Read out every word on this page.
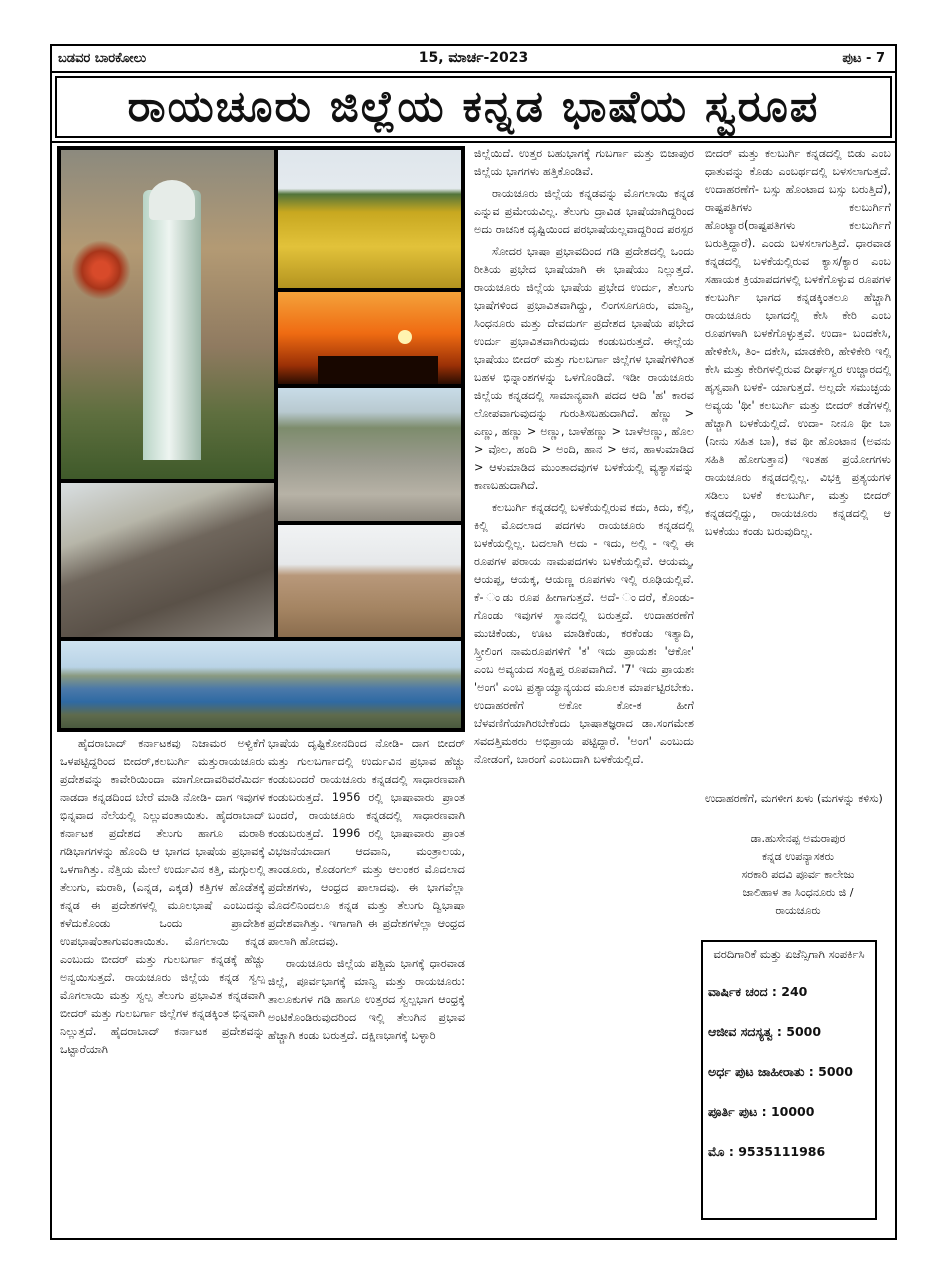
ಬಡವರ ಬಾರಕೋಲು	15, ಮಾರ್ಚ-2023	ಪುಟ - 7
ರಾಯಚೂರು ಜಿಲ್ಲೆಯ ಕನ್ನಡ ಭಾಷೆಯ ಸ್ವರೂಪ

ಹೈದರಾಬಾದ್ ಕರ್ನಾಟಕವು ನಿಜಾಮರ ಅಳ್ವಿಕೆಗೆ ಒಳಪಟ್ಟಿದ್ದರಿಂದ ಬೀದರ್,ಕಲಬುರ್ಗಿ ಮತ್ತುರಾಯಚೂರು ಪ್ರದೇಶವನ್ನು ಕಾವೇರಿಯಿಂದಾ ಮಾಗೋದಾವರಿವರೆಮಿರ್ದ ನಾಡದಾ ಕನ್ನಡದಿಂದ ಬೇರೆ ಮಾಡಿ ನೋಡಿ- ದಾಗ ಇವುಗಳ ಭಿನ್ನವಾದ ನೆಲೆಯಲ್ಲಿ ನಿಲ್ಲುವಂತಾಯಿತು. ಹೈದರಾಬಾದ್ ಕರ್ನಾಟಕ ಪ್ರದೇಶದ ತೆಲುಗು ಹಾಗೂ ಮರಾಠಿ ಗಡಿಭಾಗಗಳನ್ನು ಹೊಂದಿ ಆ ಭಾಗದ ಭಾಷೆಯ ಪ್ರಭಾವಕ್ಕೆ ಒಳಗಾಗಿತ್ತು. ನೆತ್ತಿಯ ಮೇಲೆ ಉರ್ದುವಿನ ಕತ್ತಿ, ಮಗ್ಗುಲಲ್ಲಿ ತೆಲುಗು, ಮರಾಠಿ, (ಎನ್ನಡ, ಎಕ್ಕಡ) ಕತ್ತಿಗಳ ಹೊಡೆತಕ್ಕೆ ಕನ್ನಡ ಈ ಪ್ರದೇಶಗಳಲ್ಲಿ ಮೂಲಭಾಷೆ ಎಂಬುದನ್ನು ಕಳೆದುಕೊಂಡು ಒಂದು ಪ್ರಾದೇಶಿಕ ಉಪಭಾಷೆಂತಾಗುವಂತಾಯಿತು. ಮೊಗಲಾಯಿ ಕನ್ನಡ ಎಂಬುದು ಬೀದರ್ ಮತ್ತು ಗುಲಬರ್ಗಾ ಕನ್ನಡಕ್ಕೆ ಹೆಚ್ಚು ಅನ್ವಯಿಸುತ್ತದೆ. ರಾಯಚೂರು ಜಿಲ್ಲೆಯ ಕನ್ನಡ ಸ್ವಲ್ಪ ಮೊಗಲಾಯಿ ಮತ್ತು ಸ್ವಲ್ಪ ತೆಲುಗು ಪ್ರಭಾವಿತ ಕನ್ನಡವಾಗಿ ಬೀದರ್ ಮತ್ತು ಗುಲಬರ್ಗಾ ಜಿಲ್ಲೆಗಳ ಕನ್ನಡಕ್ಕಿಂತ ಭಿನ್ನವಾಗಿ ನಿಲ್ಲುತ್ತದೆ. ಹೈದರಾಬಾದ್ ಕರ್ನಾಟಕ ಪ್ರದೇಶವನ್ನು ಒಟ್ಟಾರೆಯಾಗಿ

ಭಾಷೆಯ ದೃಷ್ಟಿಕೋನದಿಂದ ನೋಡಿ- ದಾಗ ಬೀದರ್ ಮತ್ತು ಗುಲಬರ್ಗಾದಲ್ಲಿ ಉರ್ದುವಿನ ಪ್ರಭಾವ ಹೆಚ್ಚು ಕಂಡುಬಂದರೆ ರಾಯಚೂರು ಕನ್ನಡದಲ್ಲಿ ಸಾಧಾರಣವಾಗಿ ಕಂಡುಬರುತ್ತದೆ. 1956 ರಲ್ಲಿ ಭಾಷಾವಾರು ಪ್ರಾಂತ ಬಂದರೆ, ರಾಯಚೂರು ಕನ್ನಡದಲ್ಲಿ ಸಾಧಾರಣವಾಗಿ ಕಂಡುಬರುತ್ತದೆ. 1996 ರಲ್ಲಿ ಭಾಷಾವಾರು ಪ್ರಾಂತ ವಿಭಜನೆಯಾದಾಗ ಆದವಾನಿ, ಮಂತ್ರಾಲಯ, ತಾಂಡೂರು, ಕೊಡಂಗಲ್ ಮತ್ತು ಆಲಂಕರ ಮೊದಲಾದ ಪ್ರದೇಶಗಳು, ಆಂಧ್ರದ ಪಾಲಾದವು. ಈ ಭಾಗವೆಲ್ಲಾ ಮೊದಲಿನಿಂದಲೂ ಕನ್ನಡ ಮತ್ತು ತೆಲುಗು ದ್ವಿಭಾಷಾ ಪ್ರದೇಶವಾಗಿತ್ತು. ಇಗಾಗಾಗಿ ಈ ಪ್ರದೇಶಗಳೆಲ್ಲಾ ಆಂಧ್ರದ ಪಾಲಾಗಿ ಹೋದವು.

ರಾಯಚೂರು ಜಿಲ್ಲೆಯ ಪಶ್ಚಿಮ ಭಾಗಕ್ಕೆ ಧಾರವಾಡ ಜಿಲ್ಲೆ, ಪೂರ್ವಭಾಗಕ್ಕೆ ಮಾನ್ವಿ ಮತ್ತು ರಾಯಚೂರು: ತಾಲೂಕುಗಳ ಗಡಿ ಹಾಗೂ ಉತ್ತರದ ಸ್ವಲ್ಪಭಾಗ ಆಂಧ್ರಕ್ಕೆ ಅಂಟಿಕೊಂಡಿರುವುದರಿಂದ ಇಲ್ಲಿ ತೆಲುಗಿನ ಪ್ರಭಾವ ಹೆಚ್ಚಾಗಿ ಕಂಡು ಬರುತ್ತದೆ. ದಕ್ಷಿಣಭಾಗಕ್ಕೆ ಬಳ್ಳಾರಿ

ಜಿಲ್ಲೆಯಿದೆ. ಉತ್ತರ ಬಹುಭಾಗಕ್ಕೆ ಗುಬರ್ಗಾ ಮತ್ತು ಬಿಜಾಪುರ ಜಿಲ್ಲೆಯ ಭಾಗಗಳು ಹತ್ತಿಕೊಂಡಿವೆ.

ರಾಯಚೂರು ಜಿಲ್ಲೆಯ ಕನ್ನಡವನ್ನು ಮೊಗಲಾಯಿ ಕನ್ನಡ ಎನ್ನುವ ಪ್ರಮೇಯವಿಲ್ಲ. ತೆಲುಗು ದ್ರಾವಿಡ ಭಾಷೆಯಾಗಿದ್ದರಿಂದ ಅದು ರಾಚನಿಕ ದೃಷ್ಟಿಯಿಂದ ಪರಭಾಷೆಯಲ್ಲವಾದ್ದರಿಂದ ಪರಸ್ಪರ

ಸೋದರ ಭಾಷಾ ಪ್ರಭಾವದಿಂದ ಗಡಿ ಪ್ರದೇಶದಲ್ಲಿ ಒಂದು ರೀತಿಯ ಪ್ರಭೇದ ಭಾಷೆಯಾಗಿ ಈ ಭಾಷೆಯು ನಿಲ್ಲುತ್ತದೆ. ರಾಯಚೂರು ಜಿಲ್ಲೆಯ ಭಾಷೆಯ ಪ್ರಭೇದ ಉರ್ದು, ತೆಲುಗು ಭಾಷೆಗಳಿಂದ ಪ್ರಭಾವಿತವಾಗಿದ್ದು, ಲಿಂಗಸೂಗೂರು, ಮಾನ್ವಿ, ಸಿಂಧನೂರು ಮತ್ತು ದೇವದುರ್ಗ ಪ್ರದೇಶದ ಭಾಷೆಯ ಪಭೇದ ಉರ್ದು ಪ್ರಭಾವಿತವಾಗಿರುವುದು ಕಂಡುಬರುತ್ತದೆ. ಈಲ್ಲೆಯ ಭಾಷೆಯು ಬೀದರ್ ಮತ್ತು ಗುಲಬರ್ಗಾ ಜಿಲ್ಲೆಗಳ ಭಾಷೆಗಳಿಗಿಂತ ಬಹಳ ಭಿನ್ನಾಂಶಗಳನ್ನು ಒಳಗೊಂಡಿದೆ. ಇಡೀ ರಾಯಚೂರು ಜಿಲ್ಲೆಯ ಕನ್ನಡದಲ್ಲಿ ಸಾಮಾನ್ಯವಾಗಿ ಪದದ ಆದಿ 'ಹ' ಕಾರವ ಲೋಪವಾಗುವುದನ್ನು ಗುರುತಿಸಬಹುದಾಗಿದೆ. ಹೆಣ್ಣು > ಎಣ್ಣು, ಹಣ್ಣು > ಅಣ್ಣು, ಬಾಳೆಹಣ್ಣು > ಬಾಳೆಅಣ್ಣು, ಹೊಲ > ವೊಲ, ಹಂದಿ > ಅಂದಿ, ಹಾನ > ಆನ, ಹಾಳುಮಾಡಿದ > ಆಳುಮಾಡಿದ ಮುಂತಾದವುಗಳ ಬಳಕೆಯಲ್ಲಿ ವ್ಯತ್ಯಾಸವನ್ನು ಕಾಣಬಹುದಾಗಿದೆ.

ಕಲಬುರ್ಗಿ ಕನ್ನಡದಲ್ಲಿ ಬಳಕೆಯಲ್ಲಿರುವ ಕದು, ಕಿದು, ಕಲ್ಲಿ, ಕಿಲ್ಲಿ ಮೊದಲಾದ ಪದಗಳು ರಾಯಚೂರು ಕನ್ನಡದಲ್ಲಿ ಬಳಕೆಯಲ್ಲಿಲ್ಲ. ಬದಲಾಗಿ ಅದು - ಇದು, ಅಲ್ಲಿ - ಇಲ್ಲಿ ಈ ರೂಪಗಳ ಪರಾಯ ನಾಮಪದಗಳು ಬಳಕೆಯಲ್ಲಿವೆ. ಆಯಮ್ಮ, ಆಯಪ್ಪ, ಆಯಕ್ಕ, ಆಯಣ್ಣ ರೂಪಗಳು ಇಲ್ಲಿ ರೂಢಿಯಲ್ಲಿವೆ. ಕೆ- ಂಡು ರೂಪ ಹೀಗಾಗುತ್ತದೆ. ಅದೆ- ಂದರೆ, ಕೊಂಡು-ಗೊಂಡು ಇವುಗಳ ಸ್ಥಾನದಲ್ಲಿ ಬರುತ್ತದೆ. ಉದಾಹರಣೆಗೆ ಮುಚಿಕೆಂಡು, ಊಟ ಮಾಡಿಕೆಂಡು, ಕರಕೆಂಡು ಇತ್ಯಾದಿ, ಸ್ತ್ರೀಲಿಂಗ ನಾಮರೂಪಗಳಿಗೆ 'ಕ' ಇದು ಪ್ರಾಯಶಃ 'ಆಕೋ' ಎಂಬ ಅವ್ಯಯದ ಸಂಕ್ಷಿಪ್ತ ರೂಪವಾಗಿದೆ. '7' ಇದು ಪ್ರಾಯಶಃ 'ಅಂಗ' ಎಂಬ ಪ್ರತ್ಯಾಯ್ಯಾನ್ಯಯದ ಮೂಲಕ ಮಾರ್ಪಟ್ಟಿರಬೇಕು. ಉದಾಹರಣೆಗೆ ಅಕೋ ಕೋ-ಕ ಹೀಗೆ ಬೆಳವಣಿಗೆಯಾಗಿರಬೇಕೆಂದು ಭಾಷಾತಜ್ಞರಾದ ಡಾ.ಸಂಗಮೇಶ ಸವದತ್ತಿಮಠರು ಅಭಿಪ್ರಾಯ ಪಟ್ಟಿದ್ದಾರೆ. 'ಅಂಗ' ಎಂಬುದು ನೋಡಂಗೆ, ಬಾರಂಗೆ ಎಂಬುದಾಗಿ ಬಳಕೆಯಲ್ಲಿದೆ.

ಬೀದರ್ ಮತ್ತು ಕಲಬುರ್ಗಿ ಕನ್ನಡದಲ್ಲಿ ಬಿಡು ಎಂಬ ಧಾತುವನ್ನು ಕೊಡು ಎಂಬರ್ಥದಲ್ಲಿ ಬಳಸಲಾಗುತ್ತದೆ. ಉದಾಹರಣೆಗೆ- ಬಸ್ಸು ಹೊಂಟಾದ ಬಸ್ಸು ಬರುತ್ತಿದೆ), ರಾಷ್ಟಪತಿಗಳು ಕಲಬುರ್ಗಿಗೆ ಹೊಂಟ್ಯಾರ(ರಾಷ್ಟಪತಿಗಳು ಕಲಬುರ್ಗಿಗೆ ಬರುತ್ತಿದ್ದಾರೆ). ಎಂದು ಬಳಸಲಾಗುತ್ತಿದೆ. ಧಾರವಾಡ ಕನ್ನಡದಲ್ಲಿ ಬಳಕೆಯಲ್ಲಿರುವ ಕ್ಯಾಸ/ಕ್ಯಾರ ಎಂಬ ಸಹಾಯಕ ಕ್ರಿಯಾಪದಗಳಲ್ಲಿ ಬಳಕೆಗೊಳ್ಳುವ ರೂಪಗಳ ಕಲಬುರ್ಗಿ ಭಾಗದ ಕನ್ನಡಕ್ಕಿಂತಲೂ ಹೆಚ್ಚಾಗಿ ರಾಯಚೂರು ಭಾಗದಲ್ಲಿ ಕೇಸಿ ಕೇರಿ ಎಂಬ ರೂಪಗಳಾಗಿ ಬಳಕೆಗೊಳ್ಳುತ್ತವೆ. ಉದಾ- ಬಂದಕೇಸಿ, ಹೇಳಿಕೇಸಿ, ತಿಂ- ದಕೇಸಿ, ಮಾಡಕೇರಿ, ಹೇಳಿಕೇರಿ ಇಲ್ಲಿ ಕೇಸಿ ಮತ್ತು ಕೇರಿಗಳಲ್ಲಿರುವ ದೀರ್ಘಸ್ವರ ಉಚ್ಚಾರದಲ್ಲಿ ಹೃಸ್ವವಾಗಿ ಬಳಕೆ- ಯಾಗುತ್ತದೆ. ಅಲ್ಲದೇ ಸಮುಚ್ಛಯ ಅವ್ಯಯ 'ಥೀ' ಕಲಬುರ್ಗಿ ಮತ್ತು ಬೀದರ್ ಕಡೆಗಳಲ್ಲಿ ಹೆಚ್ಚಾಗಿ ಬಳಕೆಯಲ್ಲಿದೆ. ಉದಾ- ನೀನೂ ಥೀ ಬಾ (ನೀನು ಸಹಿತ ಬಾ), ಕವ ಥೀ ಹೊಂಟಾನ (ಅವನು ಸಹಿತಿ ಹೋಗುತ್ತಾನ) ಇಂತಹ ಪ್ರಯೋಗಗಳು ರಾಯಚೂರು ಕನ್ನಡದಲ್ಲಿಲ್ಲ. ವಿಭಕ್ತಿ ಪ್ರತ್ಯಯಗಳ ಸಡಿಲು ಬಳಕೆ ಕಲಬುರ್ಗಿ, ಮತ್ತು ಬೀದರ್ ಕನ್ನಡದಲ್ಲಿದ್ದು, ರಾಯಚೂರು ಕನ್ನಡದಲ್ಲಿ ಆ ಬಳಕೆಯು ಕಂಡು ಬರುವುದಿಲ್ಲ.

ಉದಾಹರಣೆಗೆ, ಮಗಳೀಗ ಖಳು (ಮಗಳನ್ನು ಕಳಿಸು)
ಡಾ.ಹುಸೇನಪ್ಪ ಅಮರಾಪುರ
ಕನ್ನಡ ಉಪನ್ಯಾಸಕರು
ಸರಕಾರಿ ಪದವಿ ಪೂರ್ವ ಕಾಲೇಜು
ಜಾಲಿಹಾಳ ತಾ ಸಿಂಧನೂರು ಜಿ /
ರಾಯಚೂರು
ವರದಿಗಾರಿಕೆ ಮತ್ತು ಏಜೆನ್ಸಿಗಾಗಿ ಸಂಪರ್ಕಿಸಿ
ವಾರ್ಷಿಕ ಚಂದ : 240
ಆಜೀವ ಸದಸ್ಯತ್ವ : 5000
ಅರ್ಧ ಪುಟ ಜಾಹೀರಾತು : 5000
ಪೂರ್ತಿ ಪುಟ : 10000
ಮೊ : 9535111986
